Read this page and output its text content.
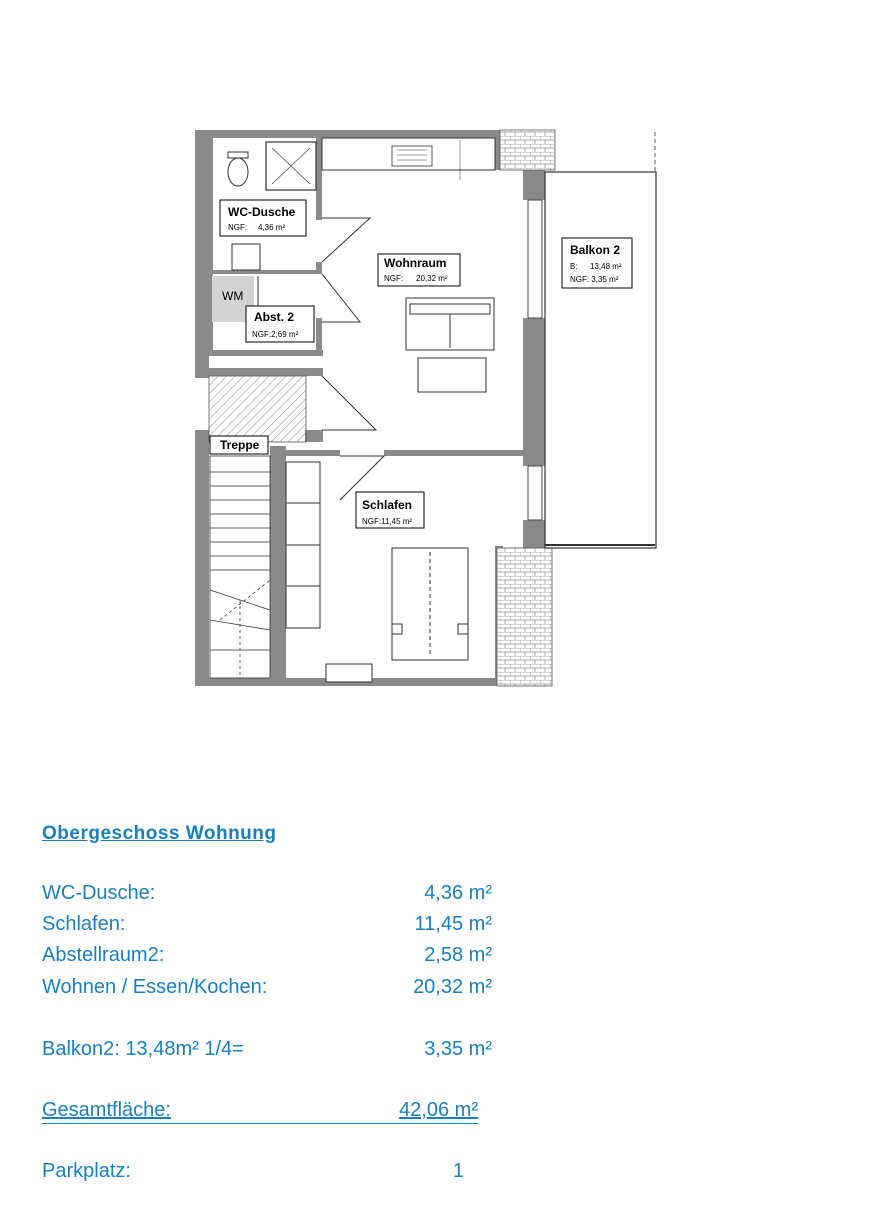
WC-Dusche
NGF: 4,36 m²
Wohnraum
NGF: 20,32 m²
WM
Abst. 2
NGF:2,69 m²
Treppe
Schlafen
NGF:11,45 m²
Balkon 2
B: 13,48 m²
NGF: 3,35 m²
Obergeschoss Wohnung
WC-Dusche:	4,36 m²
Schlafen:	11,45 m²
Abstellraum2:	2,58 m²
Wohnen / Essen/Kochen:	20,32 m²
Balkon2: 13,48m² 1/4=	3,35 m²
Gesamtfläche:	42,06 m²
Parkplatz:	1
